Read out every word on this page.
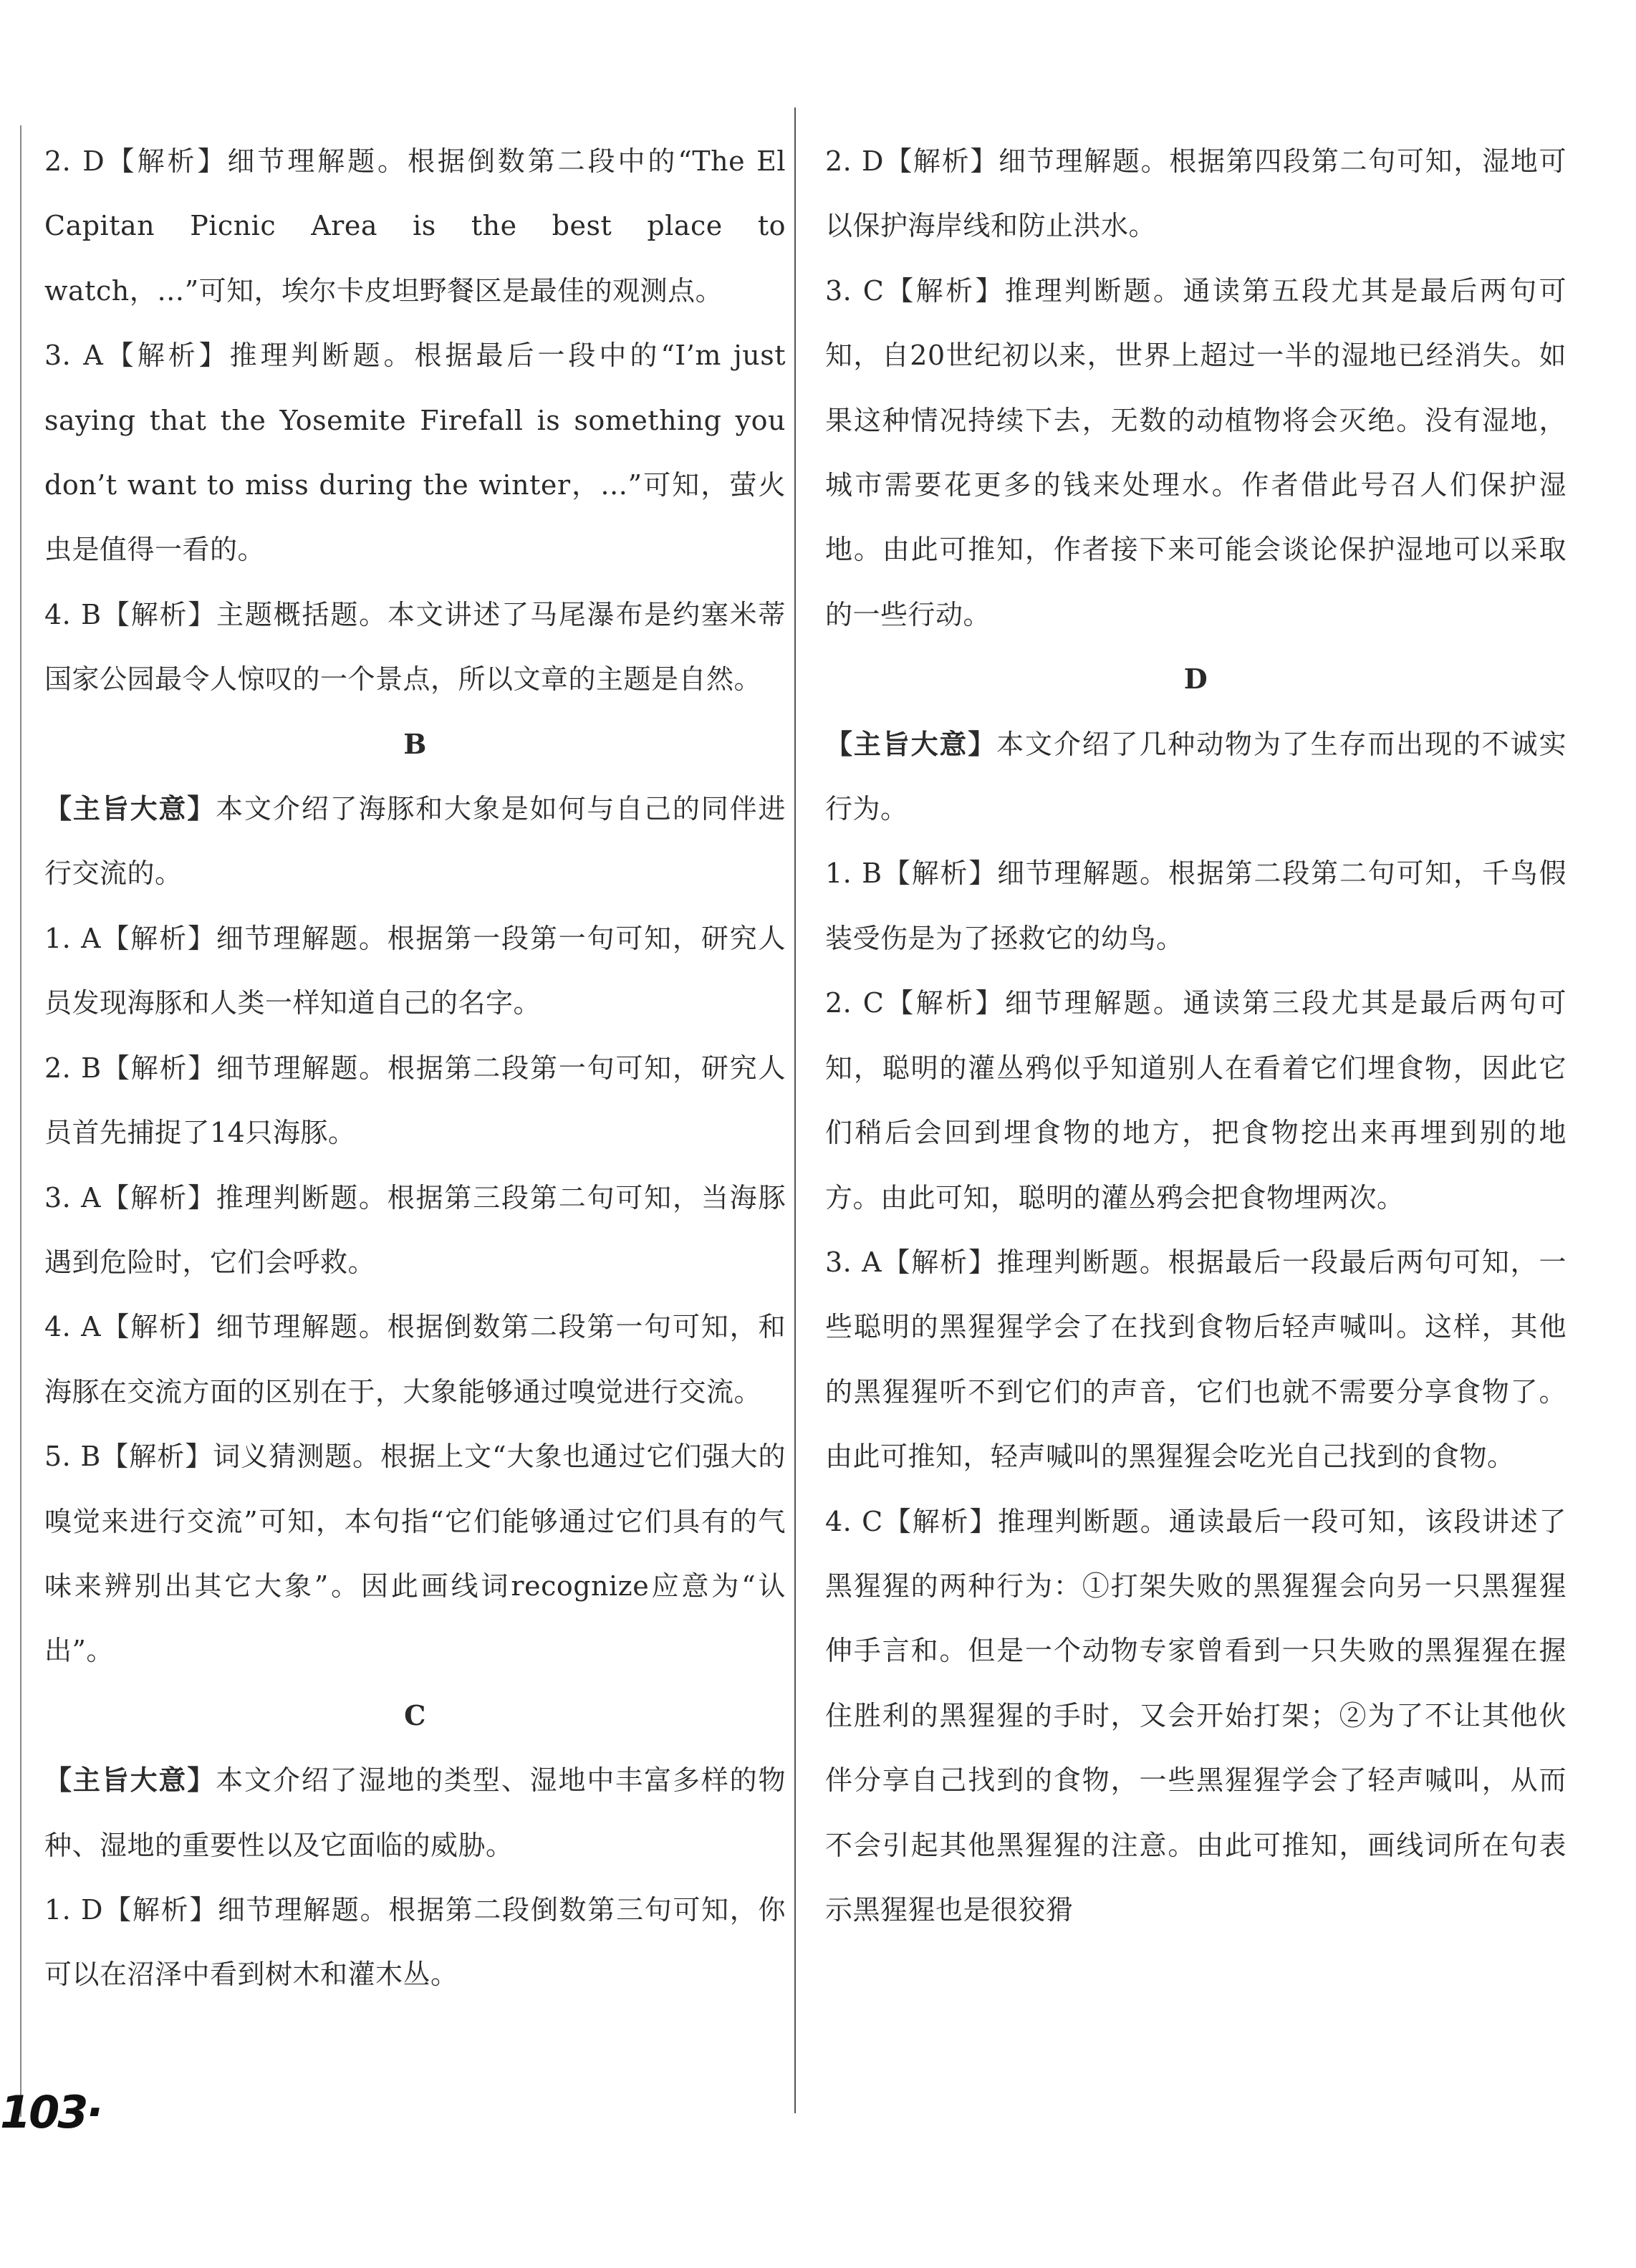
2. D【解析】细节理解题。根据倒数第二段中的“The El Capitan Picnic Area is the best place to watch，…”可知，埃尔卡皮坦野餐区是最佳的观测点。

3. A【解析】推理判断题。根据最后一段中的“I’m just saying that the Yosemite Firefall is something you don’t want to miss during the winter，…”可知，萤火虫是值得一看的。

4. B【解析】主题概括题。本文讲述了马尾瀑布是约塞米蒂国家公园最令人惊叹的一个景点，所以文章的主题是自然。

B

【主旨大意】本文介绍了海豚和大象是如何与自己的同伴进行交流的。

1. A【解析】细节理解题。根据第一段第一句可知，研究人员发现海豚和人类一样知道自己的名字。

2. B【解析】细节理解题。根据第二段第一句可知，研究人员首先捕捉了14只海豚。

3. A【解析】推理判断题。根据第三段第二句可知，当海豚遇到危险时，它们会呼救。

4. A【解析】细节理解题。根据倒数第二段第一句可知，和海豚在交流方面的区别在于，大象能够通过嗅觉进行交流。

5. B【解析】词义猜测题。根据上文“大象也通过它们强大的嗅觉来进行交流”可知，本句指“它们能够通过它们具有的气味来辨别出其它大象”。因此画线词recognize应意为“认出”。

C

【主旨大意】本文介绍了湿地的类型、湿地中丰富多样的物种、湿地的重要性以及它面临的威胁。

1. D【解析】细节理解题。根据第二段倒数第三句可知，你可以在沼泽中看到树木和灌木丛。

2. D【解析】细节理解题。根据第四段第二句可知，湿地可以保护海岸线和防止洪水。

3. C【解析】推理判断题。通读第五段尤其是最后两句可知，自20世纪初以来，世界上超过一半的湿地已经消失。如果这种情况持续下去，无数的动植物将会灭绝。没有湿地，城市需要花更多的钱来处理水。作者借此号召人们保护湿地。由此可推知，作者接下来可能会谈论保护湿地可以采取的一些行动。

D

【主旨大意】本文介绍了几种动物为了生存而出现的不诚实行为。

1. B【解析】细节理解题。根据第二段第二句可知，千鸟假装受伤是为了拯救它的幼鸟。

2. C【解析】细节理解题。通读第三段尤其是最后两句可知，聪明的灌丛鸦似乎知道别人在看着它们埋食物，因此它们稍后会回到埋食物的地方，把食物挖出来再埋到别的地方。由此可知，聪明的灌丛鸦会把食物埋两次。

3. A【解析】推理判断题。根据最后一段最后两句可知，一些聪明的黑猩猩学会了在找到食物后轻声喊叫。这样，其他的黑猩猩听不到它们的声音，它们也就不需要分享食物了。由此可推知，轻声喊叫的黑猩猩会吃光自己找到的食物。

4. C【解析】推理判断题。通读最后一段可知，该段讲述了黑猩猩的两种行为：①打架失败的黑猩猩会向另一只黑猩猩伸手言和。但是一个动物专家曾看到一只失败的黑猩猩在握住胜利的黑猩猩的手时，又会开始打架；②为了不让其他伙伴分享自己找到的食物，一些黑猩猩学会了轻声喊叫，从而不会引起其他黑猩猩的注意。由此可推知，画线词所在句表示黑猩猩也是很狡猾

103·
